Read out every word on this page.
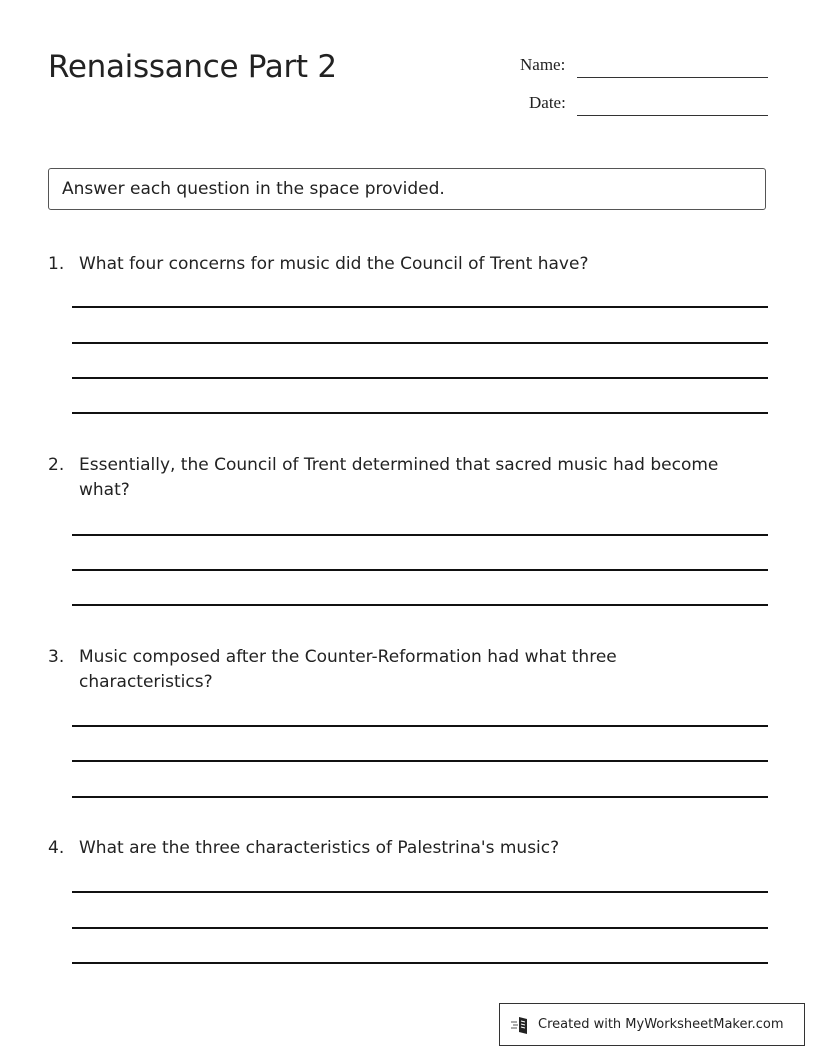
Renaissance Part 2	Name:
Date:
Answer each question in the space provided.
1. What four concerns for music did the Council of Trent have?
2. Essentially, the Council of Trent determined that sacred music had become what?
3. Music composed after the Counter-Reformation had what three characteristics?
4. What are the three characteristics of Palestrina's music?
Created with MyWorksheetMaker.com
